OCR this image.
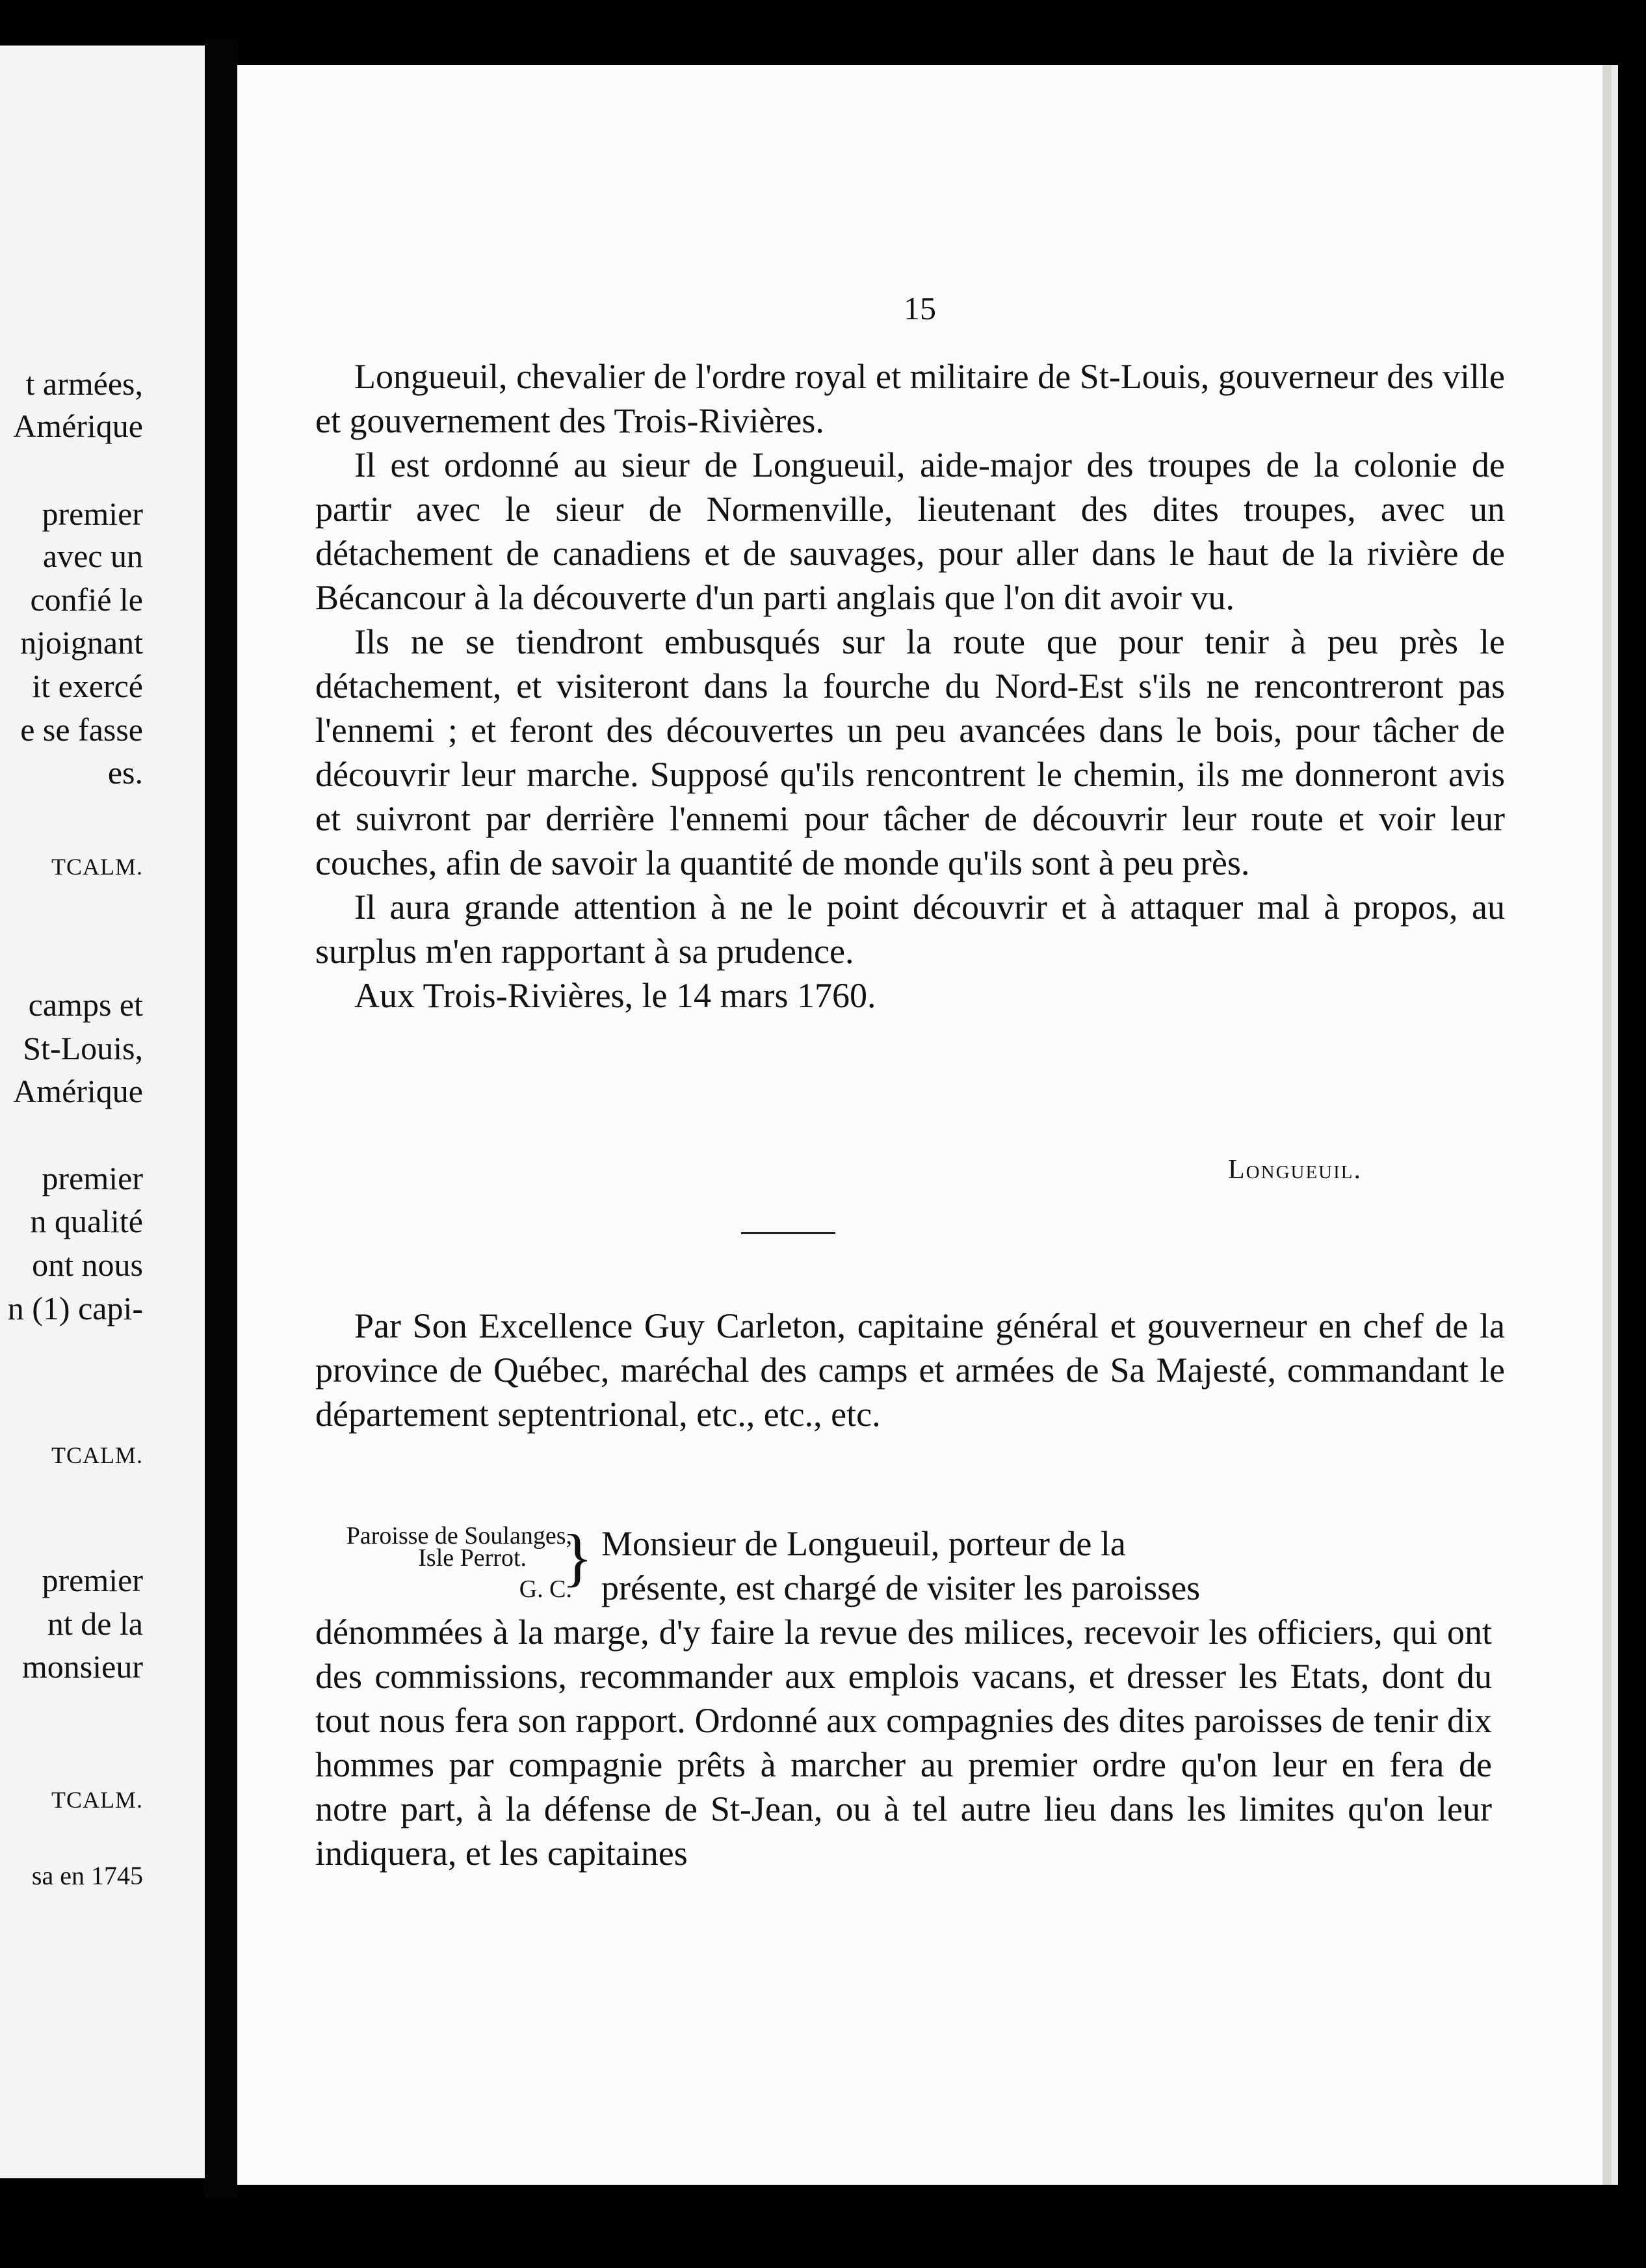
t armées,
Amérique
premier
avec un
confié le
njoignant
it exercé
e se fasse
es.
TCALM.
camps et
St-Louis,
Amérique
premier
n qualité
ont nous
n (1) capi-
TCALM.
premier
nt de la
monsieur
TCALM.
sa en 1745
15

Longueuil, chevalier de l'ordre royal et militaire de St-Louis, gouverneur des ville et gouvernement des Trois-Rivières.

Il est ordonné au sieur de Longueuil, aide-major des troupes de la colonie de partir avec le sieur de Normenville, lieutenant des dites troupes, avec un détachement de canadiens et de sauvages, pour aller dans le haut de la rivière de Bécancour à la découverte d'un parti anglais que l'on dit avoir vu.

Ils ne se tiendront embusqués sur la route que pour tenir à peu près le détachement, et visiteront dans la fourche du Nord-Est s'ils ne rencontreront pas l'ennemi ; et feront des découvertes un peu avancées dans le bois, pour tâcher de découvrir leur marche. Supposé qu'ils rencontrent le chemin, ils me donneront avis et suivront par derrière l'ennemi pour tâcher de découvrir leur route et voir leur couches, afin de savoir la quantité de monde qu'ils sont à peu près.

Il aura grande attention à ne le point découvrir et à attaquer mal à propos, au surplus m'en rapportant à sa prudence.

Aux Trois-Rivières, le 14 mars 1760.

Longueuil.

Par Son Excellence Guy Carleton, capitaine général et gouverneur en chef de la province de Québec, maréchal des camps et armées de Sa Majesté, commandant le département septentrional, etc., etc., etc.

Paroisse de Soulanges,
Isle Perrot.
G. C.
} Monsieur de Longueuil, porteur de la
présente, est chargé de visiter les paroisses
dénommées à la marge, d'y faire la revue des milices, recevoir les officiers, qui ont des commissions, recommander aux emplois vacans, et dresser les Etats, dont du tout nous fera son rapport. Ordonné aux compagnies des dites paroisses de tenir dix hommes par compagnie prêts à marcher au premier ordre qu'on leur en fera de notre part, à la défense de St-Jean, ou à tel autre lieu dans les limites qu'on leur indiquera, et les capitaines
